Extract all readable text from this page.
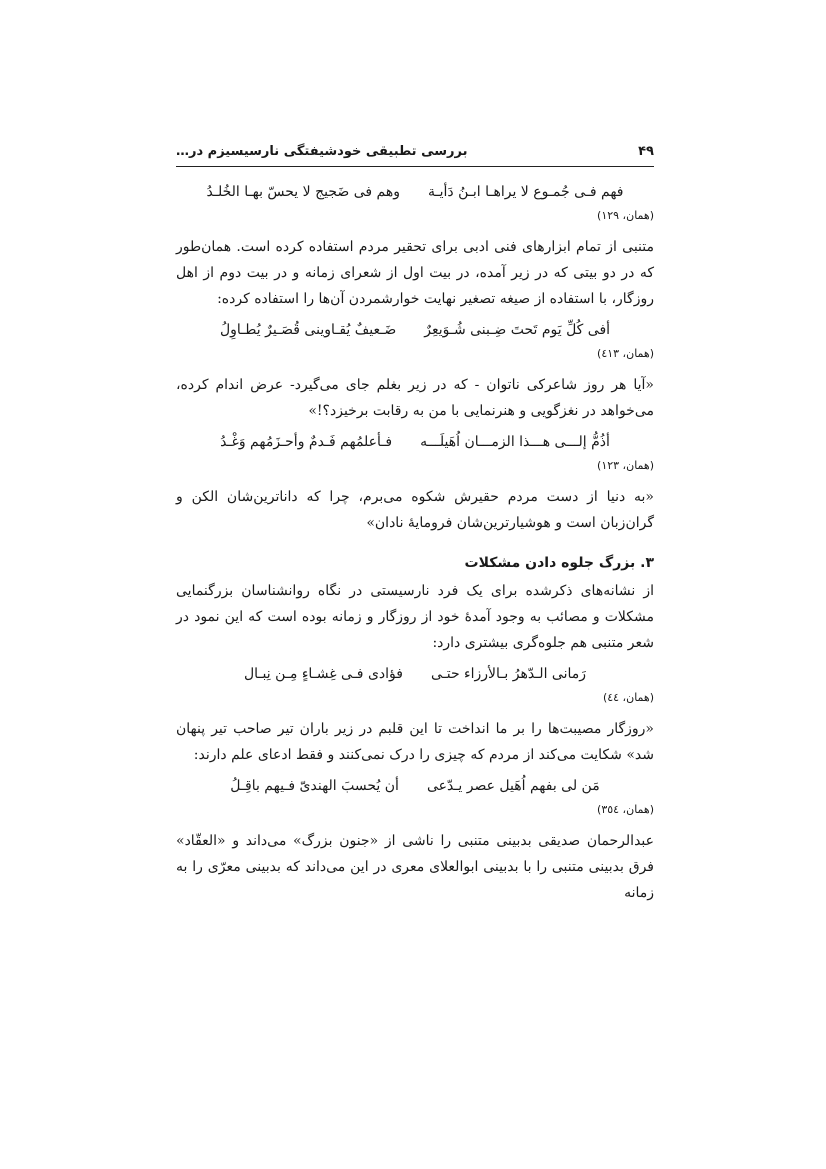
۴۹
بررسی تطبیقی خودشیفتگی نارسیسیزم در…
فهم فـی جُمـوع لا یراهـا ابـنُ دَأیـة
وهم فی ضَجیج لا یحسّ بهـا الخُلـدُ
(همان، ۱۲۹)

متنبی از تمام ابزارهای فنی ادبی برای تحقیر مردم استفاده کرده است. همان‌طور که در دو بیتی که در زیر آمده، در بیت اول از شعرای زمانه و در بیت دوم از اهل روزگار، با استفاده از صیغه تصغیر نهایت خوارشمردن آن‌ها را استفاده کرده:

أفی کُلِّ یَوم تَحتَ ضِـبنی شُـوَیعِرٌ
ضَـعیفٌ یُقـاوینی قُصَـیرٌ یُطـاوِلُ
(همان، ٤١٣)

«آیا هر روز شاعرکی ناتوان - که در زیر بغلم جای می‌گیرد- عرض اندام کرده، می‌خواهد در نغزگویی و هنرنمایی با من به رقابت برخیزد؟!»

أذُمُّ إلـــی هـــذا الزمـــان اُهَیلَـــه
فـأعلمُهم فَـدمٌ وأحـزَمُهم وَغْـدُ
(همان، ۱۲۳)

«به دنیا از دست مردم حقیرش شکوه می‌برم، چرا که داناترین‌شان الکن و گران‌زبان است و هوشیارترین‌شان فرومایهٔ نادان»

۳. بزرگ جلوه دادن مشکلات

از نشانه‌های ذکرشده برای یک فرد نارسیستی در نگاه روانشناسان بزرگنمایی مشکلات و مصائب به وجود آمدهٔ خود از روزگار و زمانه بوده است که این نمود در شعر متنبی هم جلوه‌گری بیشتری دارد:

رَمانی الـدّهرُ بـالأرزاء حتـی
فؤادی فـی غِشـاءٍ مِـن نِبـال
(همان، ٤٤)

«روزگار مصیبت‌ها را بر ما انداخت تا این قلبم در زیر باران تیر صاحب تیر پنهان شد» شکایت می‌کند از مردم که چیزی را درک نمی‌کنند و فقط ادعای علم دارند:

مَن لی بفهم اُهَیل عصر یـدّعی
أن یُحسبَ الهندیّ فـیهم باقِـلُ
(همان، ٣٥٤)

عبدالرحمان صدیقی بدبینی متنبی را ناشی از «جنون بزرگ» می‌داند و «العقّاد» فرق بدبینی متنبی را با بدبینی ابوالعلای معری در این می‌داند که بدبینی معرّی را به زمانه
